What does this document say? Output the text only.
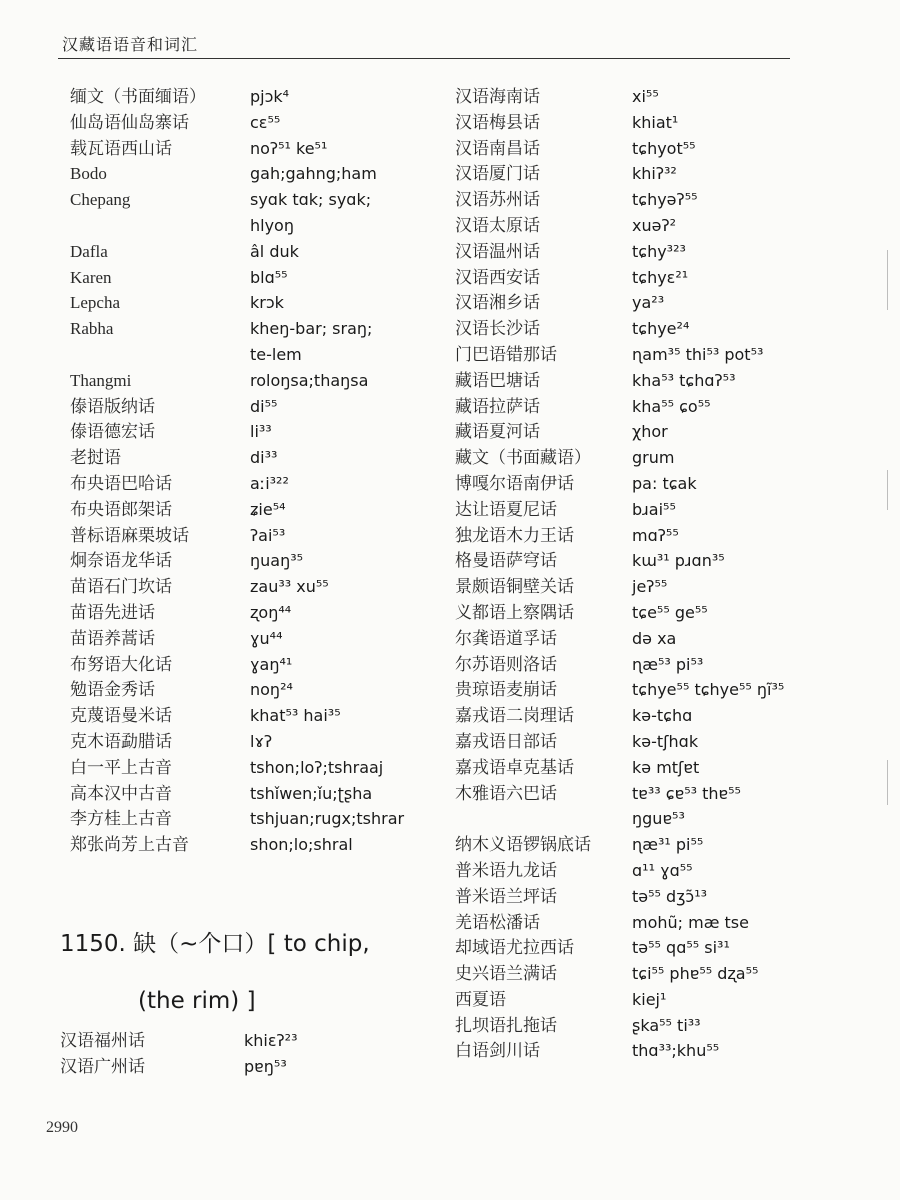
汉藏语语音和词汇
缅文（书面缅语）	pjɔk⁴
仙岛语仙岛寨话	cɛ⁵⁵
载瓦语西山话	noʔ⁵¹ ke⁵¹
Bodo	gah;gahng;ham
Chepang	syɑk tɑk; syɑk;
hlyoŋ
Dafla	âl duk
Karen	blɑ⁵⁵
Lepcha	krɔk
Rabha	kheŋ-bar; sraŋ;
te-lem
Thangmi	roloŋsa;thaŋsa
傣语版纳话	di⁵⁵
傣语德宏话	li³³
老挝语	di³³
布央语巴哈话	aːi³²²
布央语郎架话	ʑie⁵⁴
普标语麻栗坡话	ʔai⁵³
炯奈语龙华话	ŋuaŋ³⁵
苗语石门坎话	zau³³ xu⁵⁵
苗语先进话	ʐoŋ⁴⁴
苗语养蒿话	ɣu⁴⁴
布努语大化话	ɣaŋ⁴¹
勉语金秀话	noŋ²⁴
克蔑语曼米话	khat⁵³ hai³⁵
克木语勐腊话	lɤʔ
白一平上古音	tshon;loʔ;tshraaj
高本汉中古音	tshǐwen;ǐu;ʈʂha
李方桂上古音	tshjuan;rugx;tshrar
郑张尚芳上古音	shon;lo;shral
汉语海南话	xi⁵⁵
汉语梅县话	khiat¹
汉语南昌话	tɕhyot⁵⁵
汉语厦门话	khiʔ³²
汉语苏州话	tɕhyəʔ⁵⁵
汉语太原话	xuəʔ²
汉语温州话	tɕhy³²³
汉语西安话	tɕhyɛ²¹
汉语湘乡话	ya²³
汉语长沙话	tɕhye²⁴
门巴语错那话	ɳam³⁵ thi⁵³ pot⁵³
藏语巴塘话	kha⁵³ tɕhɑʔ⁵³
藏语拉萨话	kha⁵⁵ ɕo⁵⁵
藏语夏河话	χhor
藏文（书面藏语）	grum
博嘎尔语南伊话	pa: tɕak
达让语夏尼话	bɹai⁵⁵
独龙语木力王话	mɑʔ⁵⁵
格曼语萨穹话	kɯ³¹ pɹɑn³⁵
景颇语铜壁关话	jeʔ⁵⁵
义都语上察隅话	tɕe⁵⁵ ge⁵⁵
尔龚语道孚话	də xa
尔苏语则洛话	ɳæ⁵³ pi⁵³
贵琼语麦崩话	tɕhye⁵⁵ tɕhye⁵⁵ ŋĩ³⁵
嘉戎语二岗理话	kə-tɕhɑ
嘉戎语日部话	kə-tʃhɑk
嘉戎语卓克基话	kə mtʃɐt
木雅语六巴话	tɐ³³ ɕɐ⁵³ thɐ⁵⁵
ŋguɐ⁵³
纳木义语锣锅底话	ɳæ³¹ pi⁵⁵
普米语九龙话	ɑ¹¹ ɣɑ⁵⁵
普米语兰坪话	tə⁵⁵ dʒɔ̃¹³
羌语松潘话	mohũ; mæ tse
却域语尤拉西话	tə⁵⁵ qɑ⁵⁵ si³¹
史兴语兰满话	tɕi⁵⁵ phɐ⁵⁵ dʐa⁵⁵
西夏语	kiej¹
扎坝语扎拖话	ʂka⁵⁵ ti³³
白语剑川话	thɑ³³;khu⁵⁵
1150. 缺（~个口）[ to chip,
(the rim) ]
汉语福州话	khiɛʔ²³
汉语广州话	pɐŋ⁵³
2990
